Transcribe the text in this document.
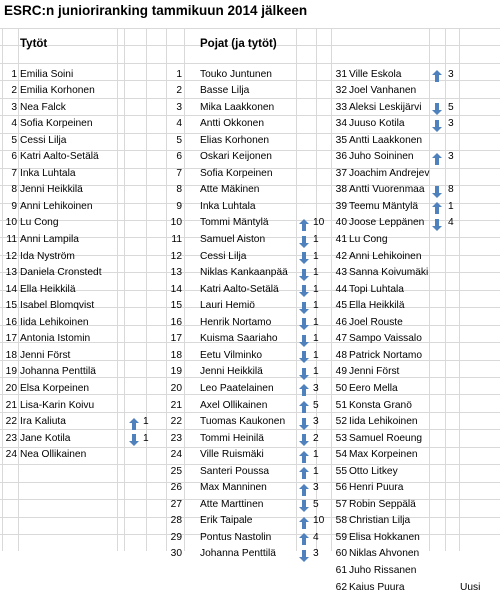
ESRC:n junioriranking tammikuun 2014 jälkeen
Tytöt	Pojat (ja tytöt)
1 Emilia Soini
2 Emilia Korhonen
3 Nea Falck
4 Sofia Korpeinen
5 Cessi Lilja
6 Katri Aalto-Setälä
7 Inka Luhtala
8 Jenni Heikkilä
9 Anni Lehikoinen
10 Lu Cong
11 Anni Lampila
12 Ida Nyström
13 Daniela Cronstedt
14 Ella Heikkilä
15 Isabel Blomqvist
16 Iida Lehikoinen
17 Antonia Istomin
18 Jenni Först
19 Johanna Penttilä
20 Elsa Korpeinen
21 Lisa-Karin Koivu
22 Ira Kaliuta	1
23 Jane Kotila	1
24 Nea Ollikainen
1 Touko Juntunen
2 Basse Lilja
3 Mika Laakkonen
4 Antti Okkonen
5 Elias Korhonen
6 Oskari Keijonen
7 Sofia Korpeinen
8 Atte Mäkinen
9 Inka Luhtala
10 Tommi Mäntylä	10
11 Samuel Aiston	1
12 Cessi Lilja	1
13 Niklas Kankaanpää 1
14 Katri Aalto-Setälä	1
15 Lauri Hemiö	1
16 Henrik Nortamo	1
17 Kuisma Saariaho	1
18 Eetu Vilminko	1
19 Jenni Heikkilä	1
20 Leo Paatelainen	3
21 Axel Ollikainen	5
22 Tuomas Kaukonen	3
23 Tommi Heinilä	2
24 Ville Ruismäki	1
25 Santeri Poussa	1
26 Max Manninen	3
27 Atte Marttinen	5
28 Erik Taipale	10
29 Pontus Nastolin	4
30 Johanna Penttilä	3
31 Ville Eskola	3
32 Joel Vanhanen
33 Aleksi Leskijärvi	5
34 Juuso Kotila	3
35 Antti Laakkonen
36 Juho Soininen	3
37 Joachim Andrejev
38 Antti Vuorenmaa 8
39 Teemu Mäntylä	1
40 Joose Leppänen 4
41 Lu Cong
42 Anni Lehikoinen
43 Sanna Koivumäki
44 Topi Luhtala
45 Ella Heikkilä
46 Joel Rouste
47 Sampo Vaissalo
48 Patrick Nortamo
49 Jenni Först
50 Eero Mella
51 Konsta Granö
52 Iida Lehikoinen
53 Samuel Roeung
54 Max Korpeinen
55 Otto Litkey
56 Henri Puura
57 Robin Seppälä
58 Christian Lilja
59 Elisa Hokkanen
60 Niklas Ahvonen
61 Juho Rissanen
62 Kaius Puura	Uusi
